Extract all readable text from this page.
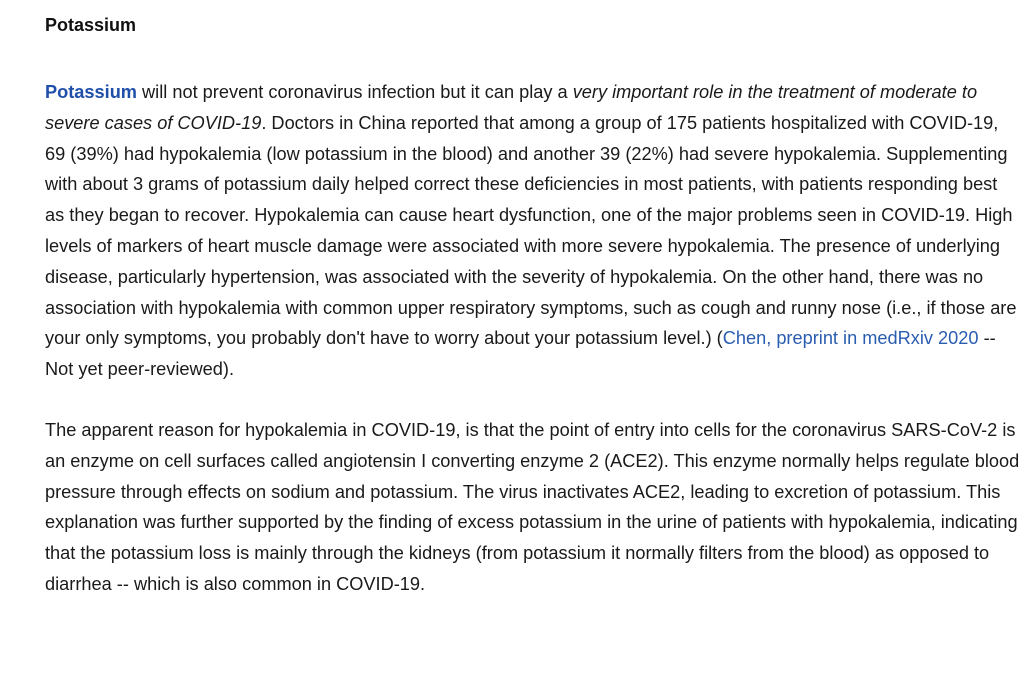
Potassium

Potassium will not prevent coronavirus infection but it can play a very important role in the treatment of moderate to severe cases of COVID-19. Doctors in China reported that among a group of 175 patients hospitalized with COVID-19, 69 (39%) had hypokalemia (low potassium in the blood) and another 39 (22%) had severe hypokalemia. Supplementing with about 3 grams of potassium daily helped correct these deficiencies in most patients, with patients responding best as they began to recover. Hypokalemia can cause heart dysfunction, one of the major problems seen in COVID-19. High levels of markers of heart muscle damage were associated with more severe hypokalemia. The presence of underlying disease, particularly hypertension, was associated with the severity of hypokalemia. On the other hand, there was no association with hypokalemia with common upper respiratory symptoms, such as cough and runny nose (i.e., if those are your only symptoms, you probably don't have to worry about your potassium level.) (Chen, preprint in medRxiv 2020 -- Not yet peer-reviewed).

The apparent reason for hypokalemia in COVID-19, is that the point of entry into cells for the coronavirus SARS-CoV-2 is an enzyme on cell surfaces called angiotensin I converting enzyme 2 (ACE2). This enzyme normally helps regulate blood pressure through effects on sodium and potassium. The virus inactivates ACE2, leading to excretion of potassium. This explanation was further supported by the finding of excess potassium in the urine of patients with hypokalemia, indicating that the potassium loss is mainly through the kidneys (from potassium it normally filters from the blood) as opposed to diarrhea -- which is also common in COVID-19.
